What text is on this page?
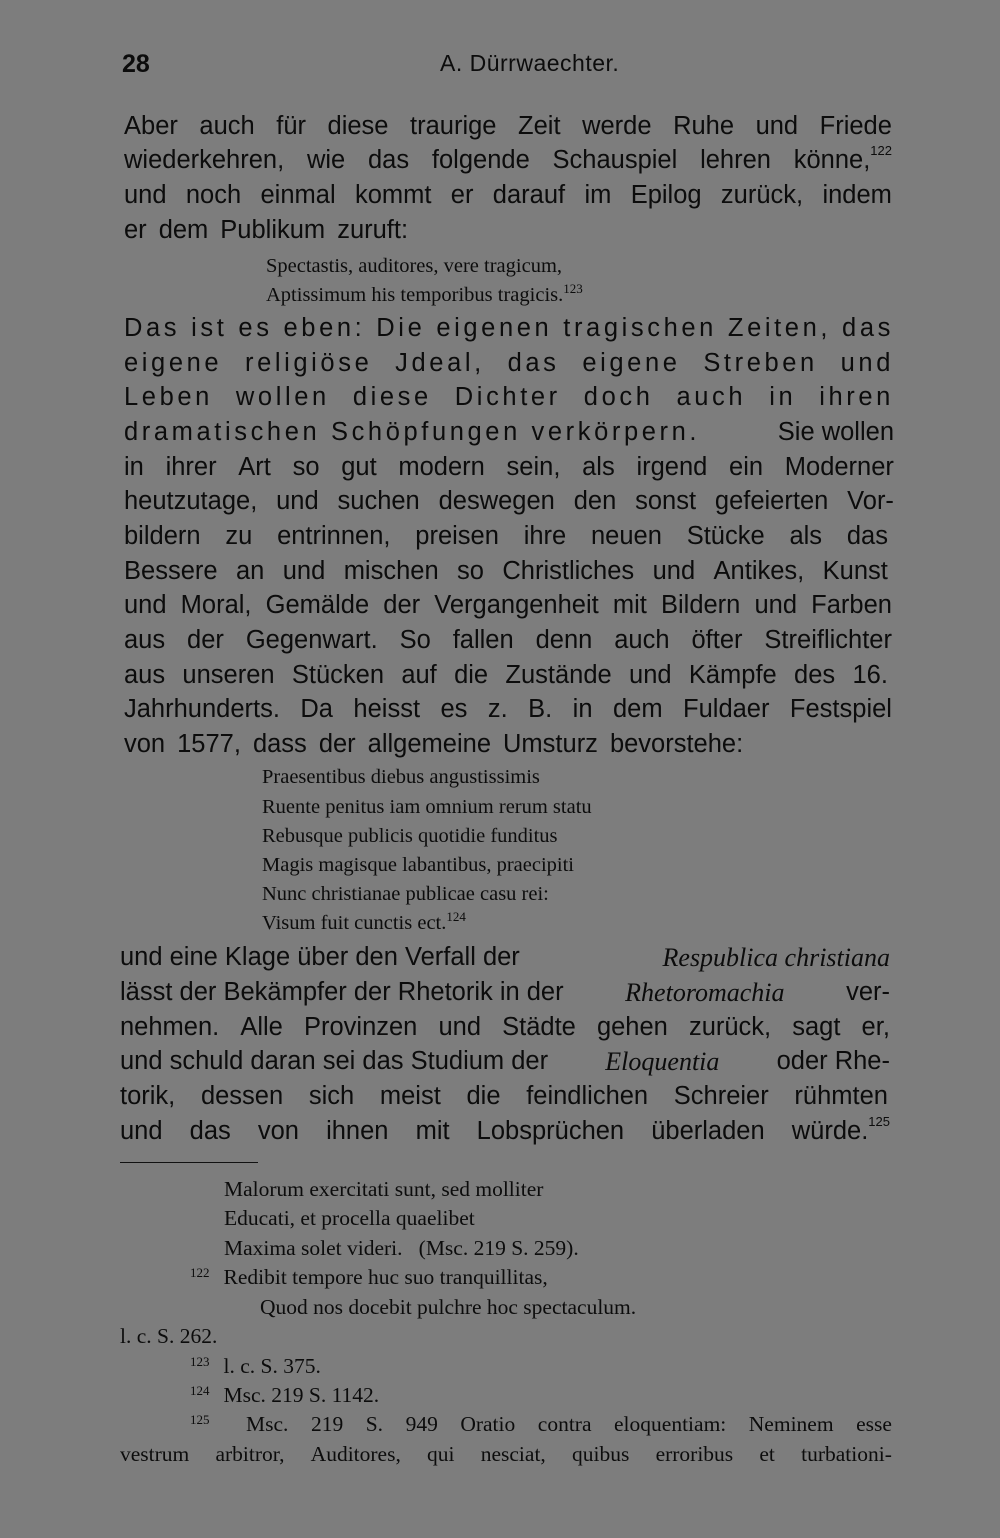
28	A. Dürrwaechter.
Aber auch für diese traurige Zeit werde Ruhe und Friede
wiederkehren, wie das folgende Schauspiel lehren könne,$^{122}$
und noch einmal kommt er darauf im Epilog zurück, indem
er dem Publikum zuruft:
Spectastis, auditores, vere tragicum,
Aptissimum his temporibus tragicis.$^{123}$
Das ist es eben: Die eigenen tragischen Zeiten, das
eigene religiöse Jdeal, das eigene Streben und
Leben wollen diese Dichter doch auch in ihren
dramatischen Schöpfungen verkörpern.	Sie wollen
in ihrer Art so gut modern sein, als irgend ein Moderner
heutzutage, und suchen deswegen den sonst gefeierten Vor-
bildern zu entrinnen, preisen ihre neuen Stücke als das
Bessere an und mischen so Christliches und Antikes, Kunst
und Moral, Gemälde der Vergangenheit mit Bildern und Farben
aus der Gegenwart. So fallen denn auch öfter Streiflichter
aus unseren Stücken auf die Zustände und Kämpfe des 16.
Jahrhunderts. Da heisst es z. B. in dem Fuldaer Festspiel
von 1577, dass der allgemeine Umsturz bevorstehe:
Praesentibus diebus angustissimis
Ruente penitus iam omnium rerum statu
Rebusque publicis quotidie funditus
Magis magisque labantibus, praecipiti
Nunc christianae publicae casu rei:
Visum fuit cunctis ect.$^{124}$
und eine Klage über den Verfall der	Respublica christiana
lässt der Bekämpfer der Rhetorik in der Rhetoromachia ver-
nehmen. Alle Provinzen und Städte gehen zurück, sagt er,
und schuld daran sei das Studium der Eloquentia oder Rhe-
torik, dessen sich meist die feindlichen Schreier rühmten
und das von ihnen mit Lobsprüchen überladen würde.$^{125}$
Malorum exercitati sunt, sed molliter
Educati, et procella quaelibet
Maxima solet videri.   (Msc. 219 S. 259).
$^{122}$ Redibit tempore huc suo tranquillitas,
Quod nos docebit pulchre hoc spectaculum.
l. c. S. 262.
$^{123}$ l. c. S. 375.
$^{124}$ Msc. 219 S. 1142.
125 Msc. 219 S. 949 Oratio contra eloquentiam: Neminem esse
vestrum arbitror, Auditores, qui nesciat, quibus erroribus et turbationi-
